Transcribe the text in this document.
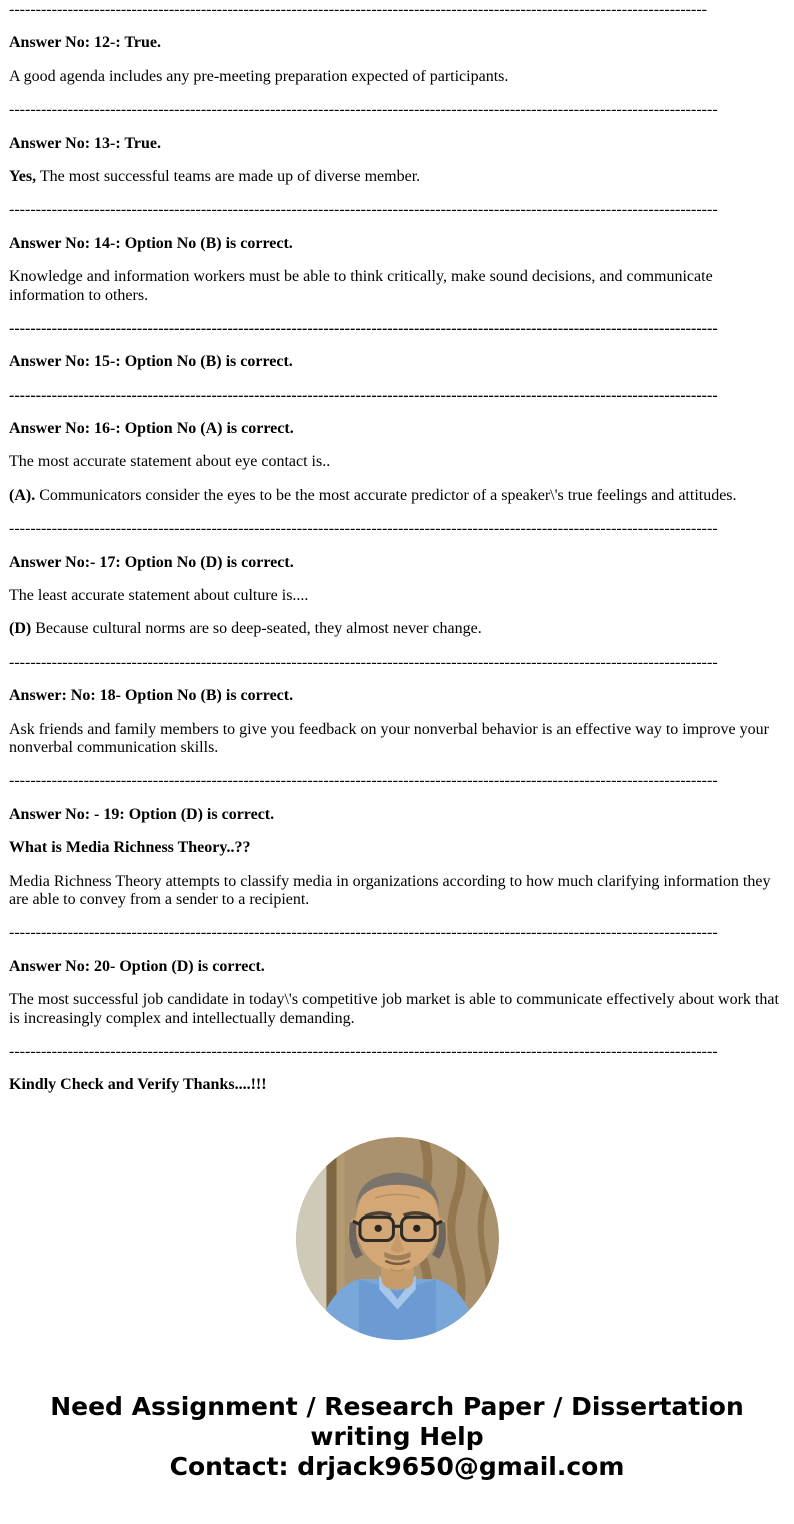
-----------------------------------------------------------------------------------------------------------------------------------

Answer No: 12-: True.

A good agenda includes any pre-meeting preparation expected of participants.

-------------------------------------------------------------------------------------------------------------------------------------

Answer No: 13-: True.

Yes, The most successful teams are made up of diverse member.

-------------------------------------------------------------------------------------------------------------------------------------

Answer No: 14-: Option No (B) is correct.

Knowledge and information workers must be able to think critically, make sound decisions, and communicate information to others.

-------------------------------------------------------------------------------------------------------------------------------------

Answer No: 15-: Option No (B) is correct.

-------------------------------------------------------------------------------------------------------------------------------------

Answer No: 16-: Option No (A) is correct.

The most accurate statement about eye contact is..

(A). Communicators consider the eyes to be the most accurate predictor of a speaker\'s true feelings and attitudes.

-------------------------------------------------------------------------------------------------------------------------------------

Answer No:- 17: Option No (D) is correct.

The least accurate statement about culture is....

(D) Because cultural norms are so deep-seated, they almost never change.

-------------------------------------------------------------------------------------------------------------------------------------

Answer: No: 18- Option No (B) is correct.

Ask friends and family members to give you feedback on your nonverbal behavior is an effective way to improve your nonverbal communication skills.

-------------------------------------------------------------------------------------------------------------------------------------

Answer No: - 19: Option (D) is correct.

What is Media Richness Theory..??

Media Richness Theory attempts to classify media in organizations according to how much clarifying information they are able to convey from a sender to a recipient.

-------------------------------------------------------------------------------------------------------------------------------------

Answer No: 20- Option (D) is correct.

The most successful job candidate in today\'s competitive job market is able to communicate effectively about work that is increasingly complex and intellectually demanding.

-------------------------------------------------------------------------------------------------------------------------------------

Kindly Check and Verify Thanks....!!!

Need Assignment / Research Paper / Dissertation writing Help
Contact: drjack9650@gmail.com
